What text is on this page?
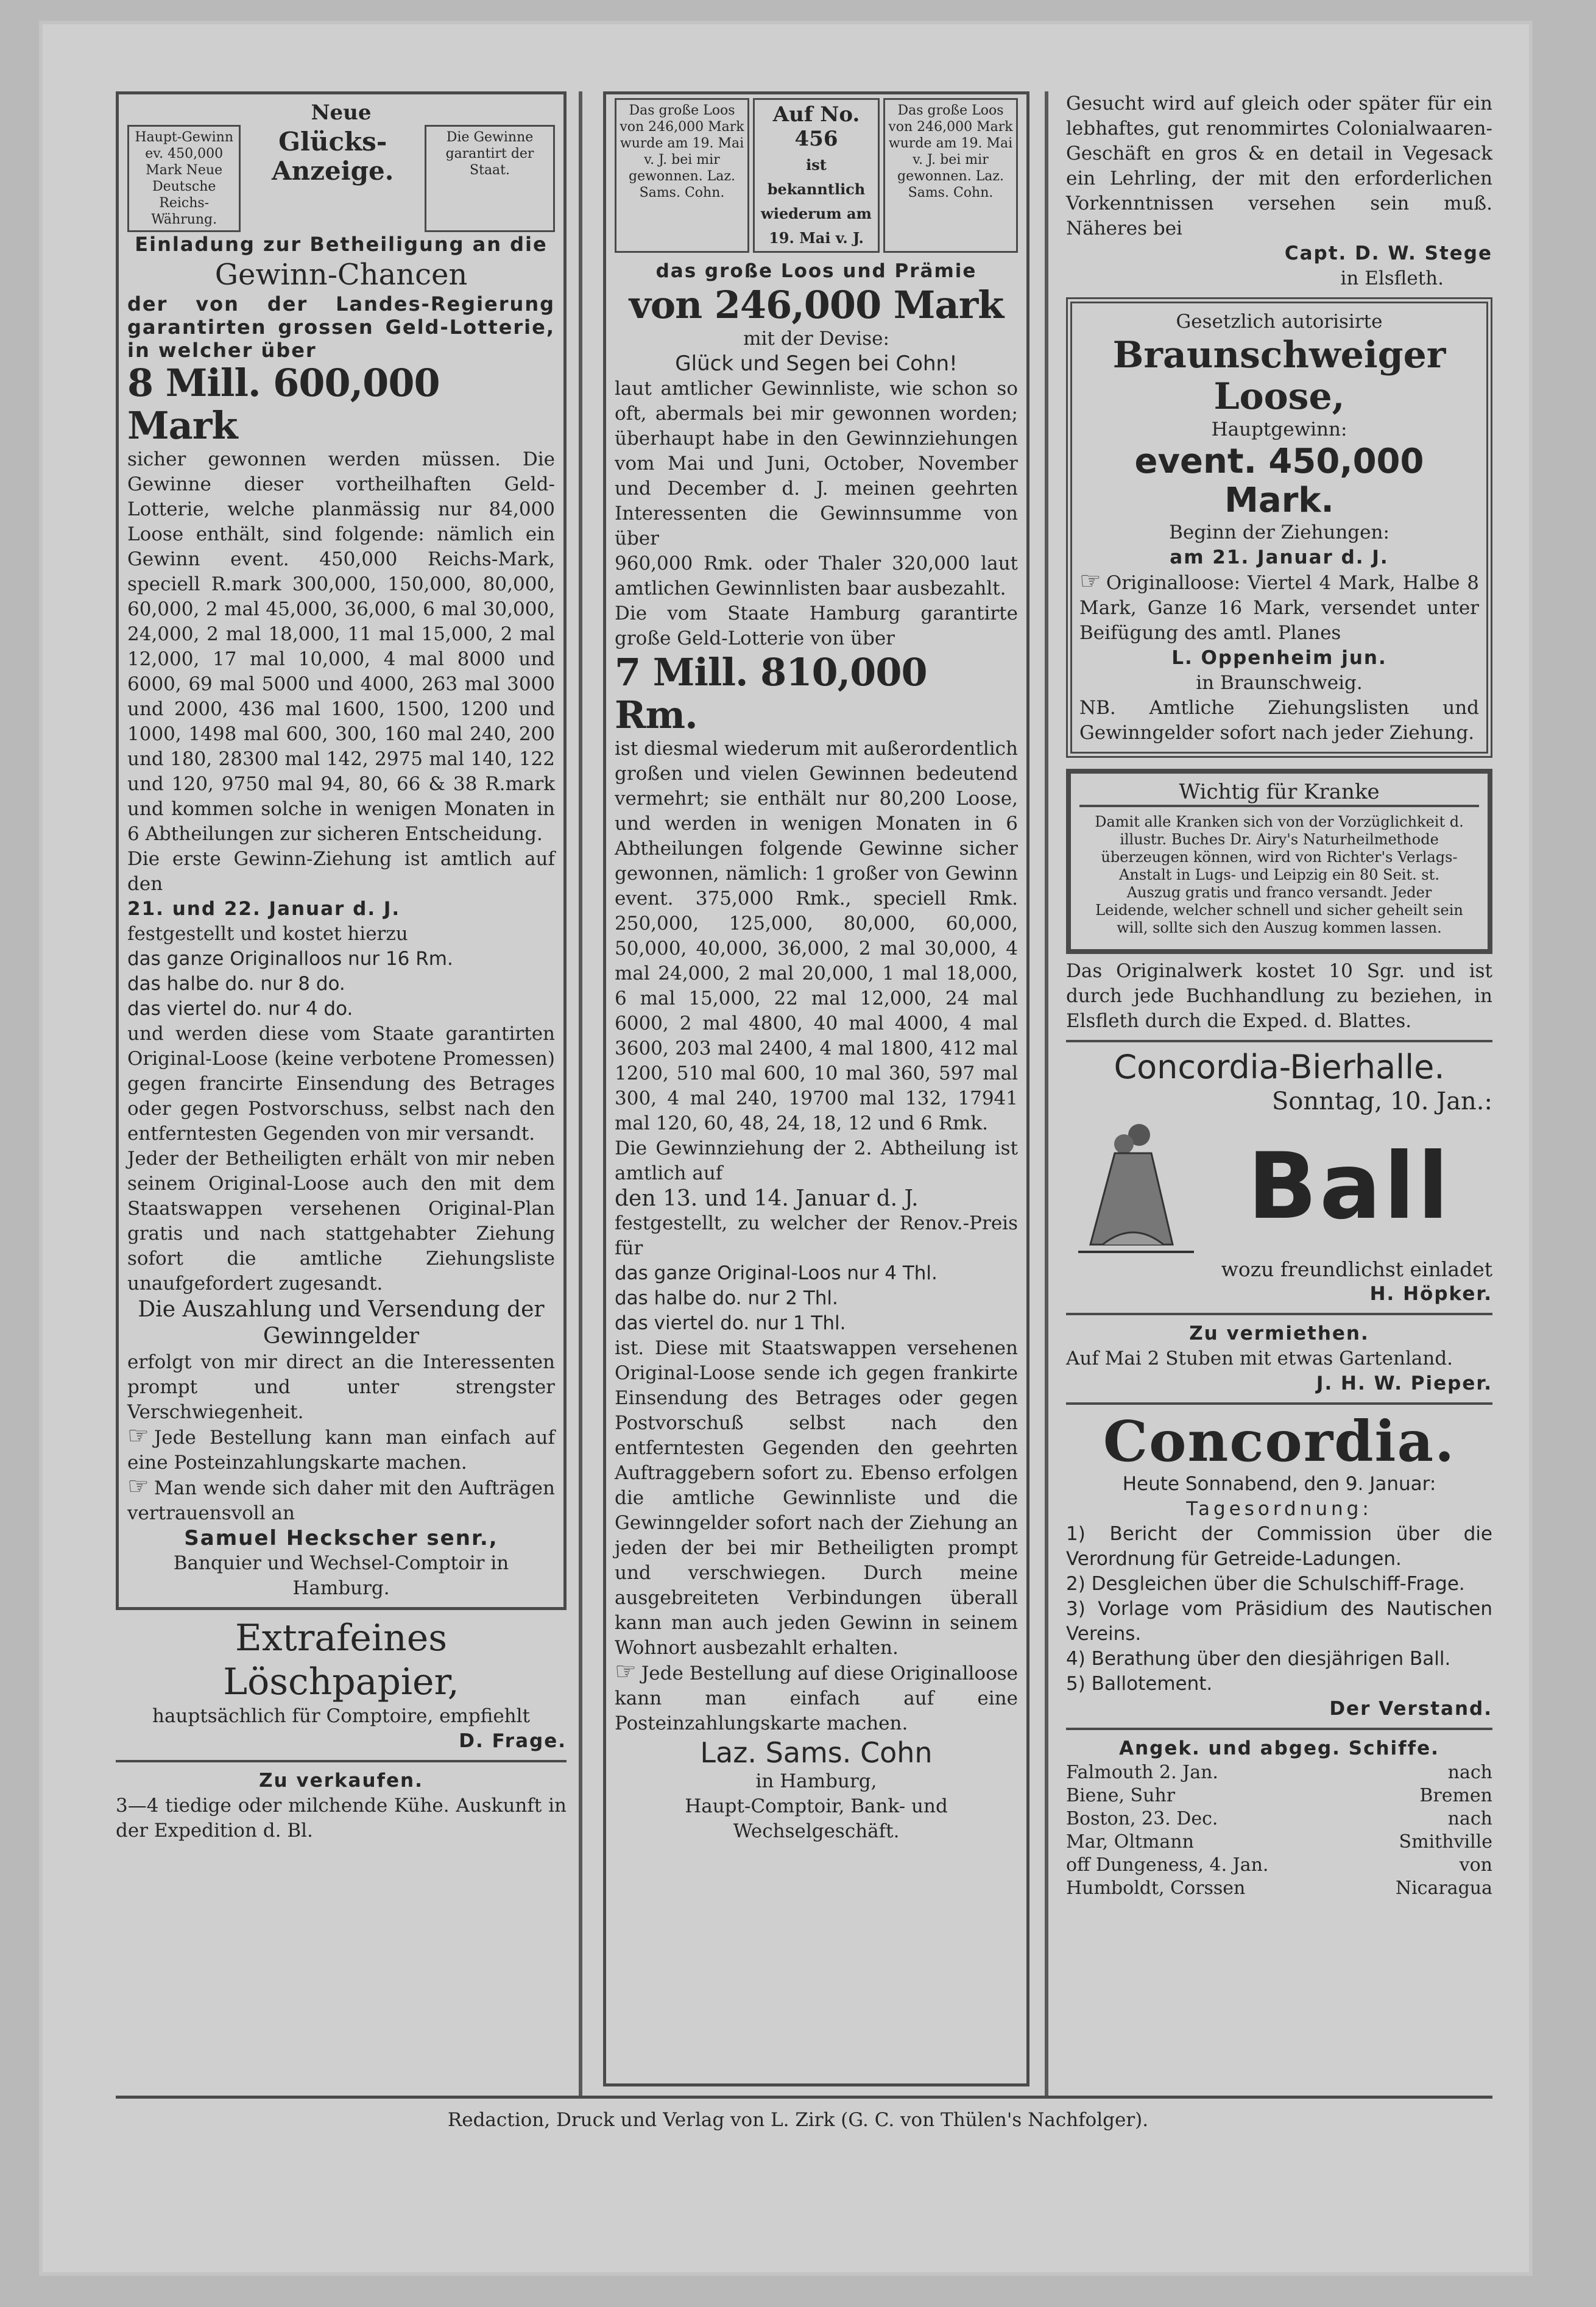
Neue
Haupt-Gewinn ev. 450,000 Mark Neue Deutsche Reichs-Währung.
Glücks-Anzeige.
Die Gewinne garantirt der Staat.
Einladung zur Betheiligung an die
Gewinn-Chancen
der von der Landes-Regierung garantirten grossen Geld-Lotterie, in welcher über
8 Mill. 600,000 Mark

sicher gewonnen werden müssen. Die Gewinne dieser vortheilhaften Geld-Lotterie, welche planmässig nur 84,000 Loose enthält, sind folgende: nämlich ein Gewinn event. 450,000 Reichs-Mark, speciell R.mark 300,000, 150,000, 80,000, 60,000, 2 mal 45,000, 36,000, 6 mal 30,000, 24,000, 2 mal 18,000, 11 mal 15,000, 2 mal 12,000, 17 mal 10,000, 4 mal 8000 und 6000, 69 mal 5000 und 4000, 263 mal 3000 und 2000, 436 mal 1600, 1500, 1200 und 1000, 1498 mal 600, 300, 160 mal 240, 200 und 180, 28300 mal 142, 2975 mal 140, 122 und 120, 9750 mal 94, 80, 66 & 38 R.mark und kommen solche in wenigen Monaten in 6 Abtheilungen zur sicheren Entscheidung.

Die erste Gewinn-Ziehung ist amtlich auf den

21. und 22. Januar d. J.

festgestellt und kostet hierzu

das ganze Originalloos nur 16 Rm.
das halbe do. nur 8 do.
das viertel do. nur 4 do.

und werden diese vom Staate garantirten Original-Loose (keine verbotene Promessen) gegen francirte Einsendung des Betrages oder gegen Postvorschuss, selbst nach den entferntesten Gegenden von mir versandt.

Jeder der Betheiligten erhält von mir neben seinem Original-Loose auch den mit dem Staatswappen versehenen Original-Plan gratis und nach stattgehabter Ziehung sofort die amtliche Ziehungsliste unaufgefordert zugesandt.

Die Auszahlung und Versendung der Gewinngelder

erfolgt von mir direct an die Interessenten prompt und unter strengster Verschwiegenheit.

☞ Jede Bestellung kann man einfach auf eine Posteinzahlungskarte machen.

☞ Man wende sich daher mit den Aufträgen vertrauensvoll an

Samuel Heckscher senr.,
Banquier und Wechsel-Comptoir in Hamburg.
Extrafeines Löschpapier,
hauptsächlich für Comptoire, empfiehlt
D. Frage.
Zu verkaufen.

3—4 tiedige oder milchende Kühe. Auskunft in der Expedition d. Bl.

Das große Loos von 246,000 Mark wurde am 19. Mai v. J. bei mir gewonnen. Laz. Sams. Cohn.
Auf No. 456
ist bekanntlich wiederum am 19. Mai v. J.
Das große Loos von 246,000 Mark wurde am 19. Mai v. J. bei mir gewonnen. Laz. Sams. Cohn.
das große Loos und Prämie
von 246,000 Mark
mit der Devise:
Glück und Segen bei Cohn!

laut amtlicher Gewinnliste, wie schon so oft, abermals bei mir gewonnen worden; überhaupt habe in den Gewinnziehungen vom Mai und Juni, October, November und December d. J. meinen geehrten Interessenten die Gewinnsumme von über

960,000 Rmk. oder Thaler 320,000 laut amtlichen Gewinnlisten baar ausbezahlt.

Die vom Staate Hamburg garantirte große Geld-Lotterie von über

7 Mill. 810,000 Rm.

ist diesmal wiederum mit außerordentlich großen und vielen Gewinnen bedeutend vermehrt; sie enthält nur 80,200 Loose, und werden in wenigen Monaten in 6 Abtheilungen folgende Gewinne sicher gewonnen, nämlich: 1 großer von Gewinn event. 375,000 Rmk., speciell Rmk. 250,000, 125,000, 80,000, 60,000, 50,000, 40,000, 36,000, 2 mal 30,000, 4 mal 24,000, 2 mal 20,000, 1 mal 18,000, 6 mal 15,000, 22 mal 12,000, 24 mal 6000, 2 mal 4800, 40 mal 4000, 4 mal 3600, 203 mal 2400, 4 mal 1800, 412 mal 1200, 510 mal 600, 10 mal 360, 597 mal 300, 4 mal 240, 19700 mal 132, 17941 mal 120, 60, 48, 24, 18, 12 und 6 Rmk.

Die Gewinnziehung der 2. Abtheilung ist amtlich auf

den 13. und 14. Januar d. J.

festgestellt, zu welcher der Renov.-Preis für

das ganze Original-Loos nur 4 Thl.
das halbe do. nur 2 Thl.
das viertel do. nur 1 Thl.

ist. Diese mit Staatswappen versehenen Original-Loose sende ich gegen frankirte Einsendung des Betrages oder gegen Postvorschuß selbst nach den entferntesten Gegenden den geehrten Auftraggebern sofort zu. Ebenso erfolgen die amtliche Gewinnliste und die Gewinngelder sofort nach der Ziehung an jeden der bei mir Betheiligten prompt und verschwiegen. Durch meine ausgebreiteten Verbindungen überall kann man auch jeden Gewinn in seinem Wohnort ausbezahlt erhalten.

☞ Jede Bestellung auf diese Originalloose kann man einfach auf eine Posteinzahlungskarte machen.

Laz. Sams. Cohn
in Hamburg,
Haupt-Comptoir, Bank- und Wechselgeschäft.

Gesucht wird auf gleich oder später für ein lebhaftes, gut renommirtes Colonialwaaren-Geschäft en gros & en detail in Vegesack ein Lehrling, der mit den erforderlichen Vorkenntnissen versehen sein muß. Näheres bei

Capt. D. W. Stege
in Elsfleth.
Gesetzlich autorisirte
Braunschweiger Loose,
Hauptgewinn:
event. 450,000 Mark.
Beginn der Ziehungen:
am 21. Januar d. J.

☞ Originalloose: Viertel 4 Mark, Halbe 8 Mark, Ganze 16 Mark, versendet unter Beifügung des amtl. Planes

L. Oppenheim jun.
in Braunschweig.

NB. Amtliche Ziehungslisten und Gewinngelder sofort nach jeder Ziehung.

Wichtig für Kranke

Damit alle Kranken sich von der Vorzüglichkeit d. illustr. Buches Dr. Airy's Naturheilmethode überzeugen können, wird von Richter's Verlags-Anstalt in Lugs- und Leipzig ein 80 Seit. st. Auszug gratis und franco versandt. Jeder Leidende, welcher schnell und sicher geheilt sein will, sollte sich den Auszug kommen lassen.

Das Originalwerk kostet 10 Sgr. und ist durch jede Buchhandlung zu beziehen, in Elsfleth durch die Exped. d. Blattes.

Concordia-Bierhalle.
Sonntag, 10. Jan.:
Ball
wozu freundlichst einladet
H. Höpker.
Zu vermiethen.

Auf Mai 2 Stuben mit etwas Gartenland.

J. H. W. Pieper.
Concordia.
Heute Sonnabend, den 9. Januar:
Tagesordnung:

1) Bericht der Commission über die Verordnung für Getreide-Ladungen.

2) Desgleichen über die Schulschiff-Frage.

3) Vorlage vom Präsidium des Nautischen Vereins.

4) Berathung über den diesjährigen Ball.

5) Ballotement.

Der Verstand.
Angek. und abgeg. Schiffe.
Falmouth 2. Jan.	nach
Biene, Suhr	Bremen
Boston, 23. Dec.	nach
Mar, Oltmann	Smithville
off Dungeness, 4. Jan.	von
Humboldt, Corssen	Nicaragua
Redaction, Druck und Verlag von L. Zirk (G. C. von Thülen's Nachfolger).
